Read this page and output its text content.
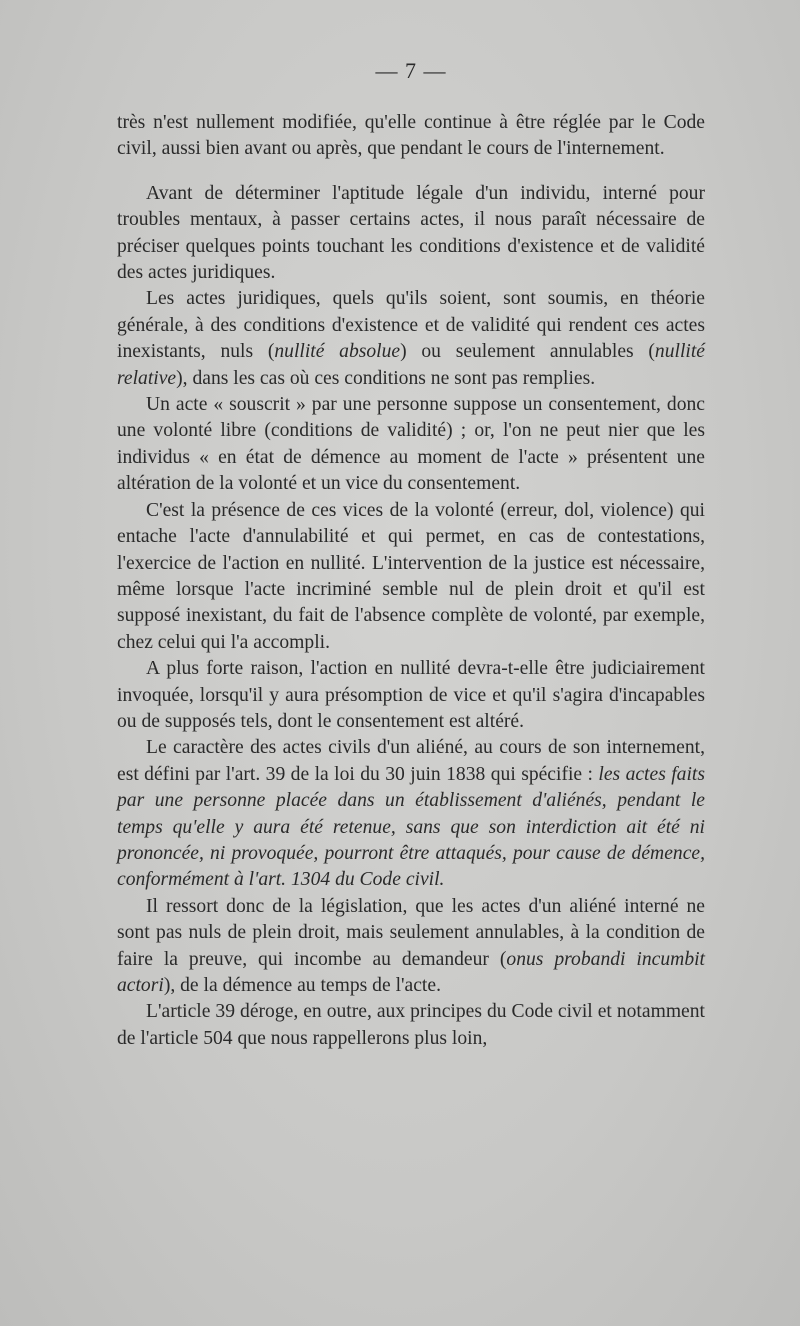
— 7 —

très n'est nullement modifiée, qu'elle continue à être réglée par le Code civil, aussi bien avant ou après, que pendant le cours de l'internement.

Avant de déterminer l'aptitude légale d'un individu, interné pour troubles mentaux, à passer certains actes, il nous paraît nécessaire de préciser quelques points touchant les conditions d'existence et de validité des actes juridiques.

Les actes juridiques, quels qu'ils soient, sont soumis, en théorie générale, à des conditions d'existence et de validité qui rendent ces actes inexistants, nuls (nullité absolue) ou seulement annulables (nullité relative), dans les cas où ces conditions ne sont pas remplies.

Un acte « souscrit » par une personne suppose un consentement, donc une volonté libre (conditions de validité) ; or, l'on ne peut nier que les individus « en état de démence au moment de l'acte » présentent une altération de la volonté et un vice du consentement.

C'est la présence de ces vices de la volonté (erreur, dol, violence) qui entache l'acte d'annulabilité et qui permet, en cas de contestations, l'exercice de l'action en nullité. L'intervention de la justice est nécessaire, même lorsque l'acte incriminé semble nul de plein droit et qu'il est supposé inexistant, du fait de l'absence complète de volonté, par exemple, chez celui qui l'a accompli.

A plus forte raison, l'action en nullité devra-t-elle être judiciairement invoquée, lorsqu'il y aura présomption de vice et qu'il s'agira d'incapables ou de supposés tels, dont le consentement est altéré.

Le caractère des actes civils d'un aliéné, au cours de son internement, est défini par l'art. 39 de la loi du 30 juin 1838 qui spécifie : les actes faits par une personne placée dans un établissement d'aliénés, pendant le temps qu'elle y aura été retenue, sans que son interdiction ait été ni prononcée, ni provoquée, pourront être attaqués, pour cause de démence, conformément à l'art. 1304 du Code civil.

Il ressort donc de la législation, que les actes d'un aliéné interné ne sont pas nuls de plein droit, mais seulement annulables, à la condition de faire la preuve, qui incombe au demandeur (onus probandi incumbit actori), de la démence au temps de l'acte.

L'article 39 déroge, en outre, aux principes du Code civil et notamment de l'article 504 que nous rappellerons plus loin,
